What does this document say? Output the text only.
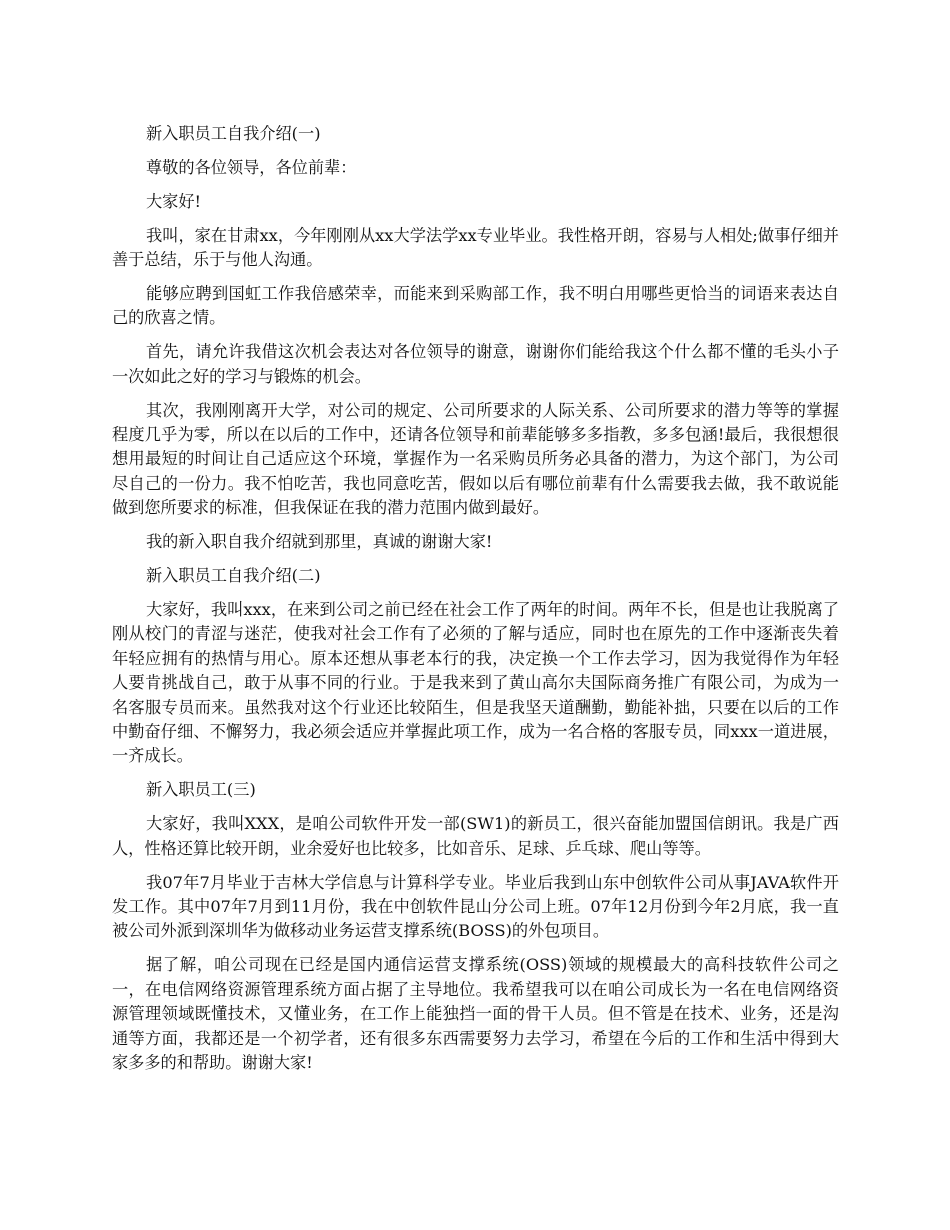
新入职员工自我介绍(一)

尊敬的各位领导，各位前辈：

大家好!

我叫，家在甘肃xx，今年刚刚从xx大学法学xx专业毕业。我性格开朗，容易与人相处;做事仔细并善于总结，乐于与他人沟通。

能够应聘到国虹工作我倍感荣幸，而能来到采购部工作，我不明白用哪些更恰当的词语来表达自己的欣喜之情。

首先，请允许我借这次机会表达对各位领导的谢意，谢谢你们能给我这个什么都不懂的毛头小子一次如此之好的学习与锻炼的机会。

其次，我刚刚离开大学，对公司的规定、公司所要求的人际关系、公司所要求的潜力等等的掌握程度几乎为零，所以在以后的工作中，还请各位领导和前辈能够多多指教，多多包涵!最后，我很想很想用最短的时间让自己适应这个环境，掌握作为一名采购员所务必具备的潜力，为这个部门，为公司尽自己的一份力。我不怕吃苦，我也同意吃苦，假如以后有哪位前辈有什么需要我去做，我不敢说能做到您所要求的标准，但我保证在我的潜力范围内做到最好。

我的新入职自我介绍就到那里，真诚的谢谢大家!

新入职员工自我介绍(二)

大家好，我叫xxx，在来到公司之前已经在社会工作了两年的时间。两年不长，但是也让我脱离了刚从校门的青涩与迷茫，使我对社会工作有了必须的了解与适应，同时也在原先的工作中逐渐丧失着年轻应拥有的热情与用心。原本还想从事老本行的我，决定换一个工作去学习，因为我觉得作为年轻人要肯挑战自己，敢于从事不同的行业。于是我来到了黄山高尔夫国际商务推广有限公司，为成为一名客服专员而来。虽然我对这个行业还比较陌生，但是我坚天道酬勤，勤能补拙，只要在以后的工作中勤奋仔细、不懈努力，我必须会适应并掌握此项工作，成为一名合格的客服专员，同xxx一道进展，一齐成长。

新入职员工(三)

大家好，我叫XXX，是咱公司软件开发一部(SW1)的新员工，很兴奋能加盟国信朗讯。我是广西人，性格还算比较开朗，业余爱好也比较多，比如音乐、足球、乒乓球、爬山等等。

我07年7月毕业于吉林大学信息与计算科学专业。毕业后我到山东中创软件公司从事JAVA软件开发工作。其中07年7月到11月份，我在中创软件昆山分公司上班。07年12月份到今年2月底，我一直被公司外派到深圳华为做移动业务运营支撑系统(BOSS)的外包项目。

据了解，咱公司现在已经是国内通信运营支撑系统(OSS)领域的规模最大的高科技软件公司之一，在电信网络资源管理系统方面占据了主导地位。我希望我可以在咱公司成长为一名在电信网络资源管理领域既懂技术，又懂业务，在工作上能独挡一面的骨干人员。但不管是在技术、业务，还是沟通等方面，我都还是一个初学者，还有很多东西需要努力去学习，希望在今后的工作和生活中得到大家多多的和帮助。谢谢大家!
